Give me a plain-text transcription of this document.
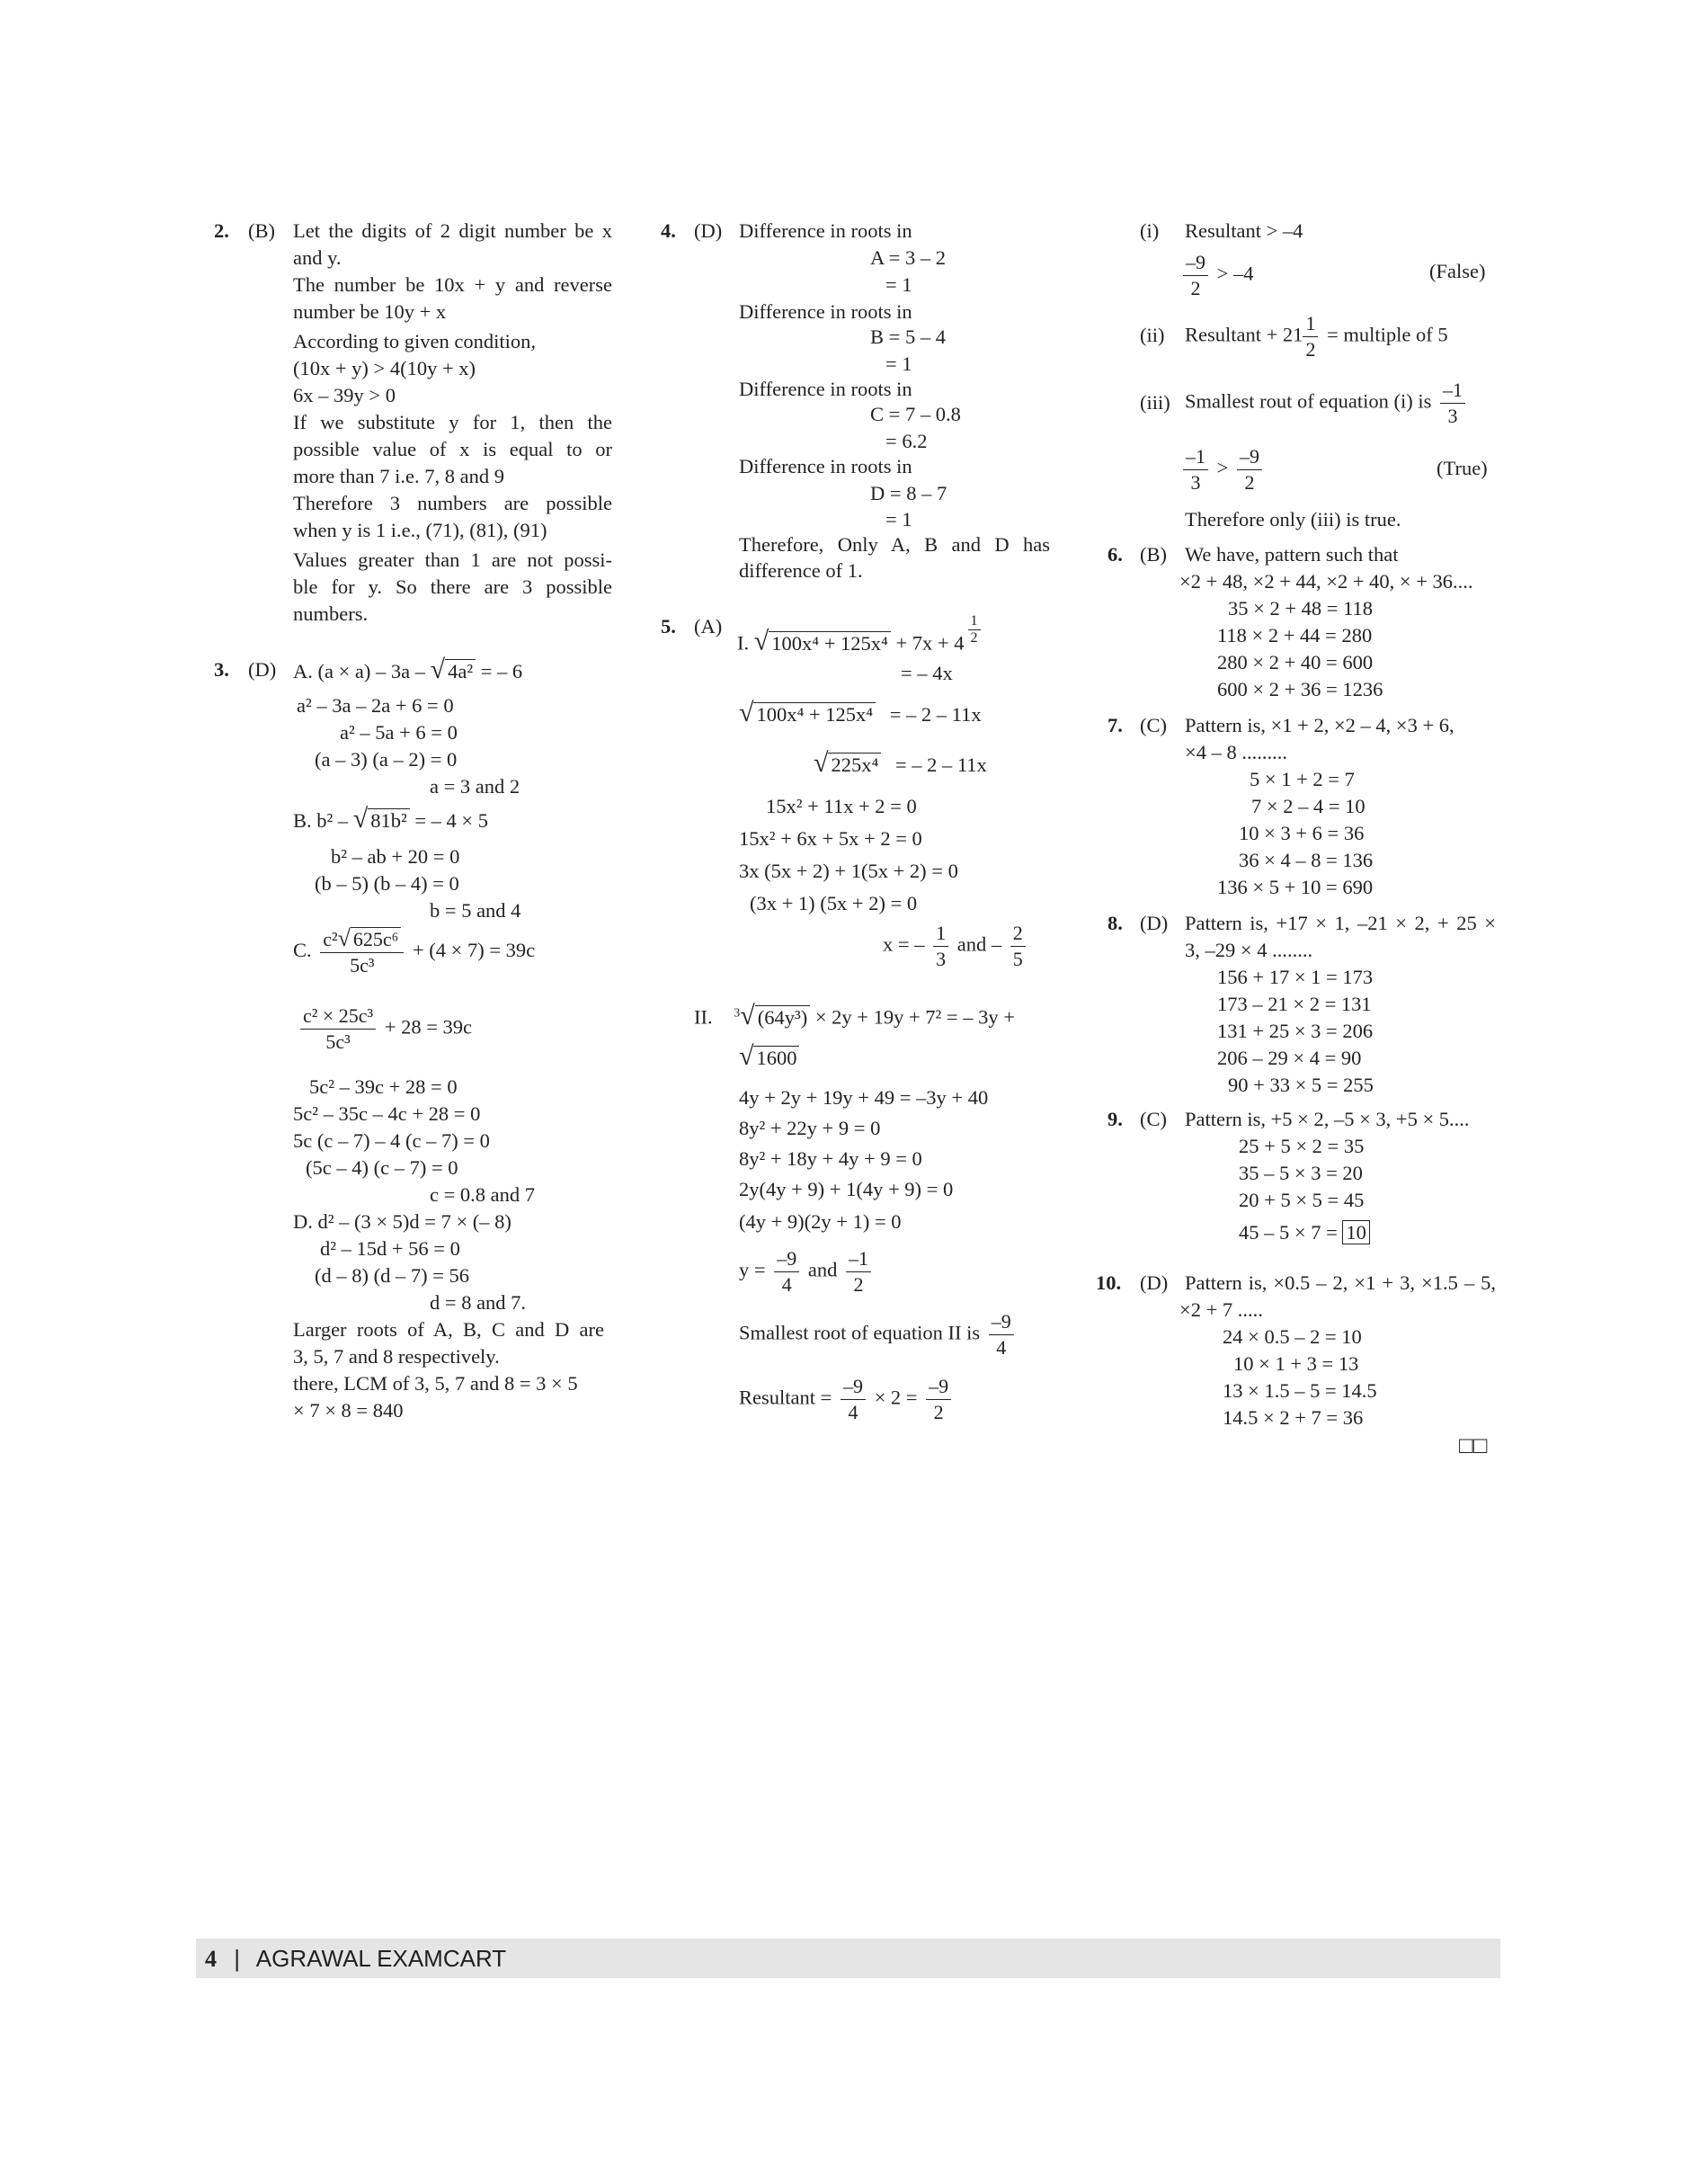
2. (B) Let the digits of 2 digit number be x
and y.
The number be 10x + y and reverse
number be 10y + x
According to given condition,
(10x + y) > 4(10y + x)
6x – 39y > 0
If we substitute y for 1, then the
possible value of x is equal to or
more than 7 i.e. 7, 8 and 9
Therefore 3 numbers are possible
when y is 1 i.e., (71), (81), (91)
Values greater than 1 are not possi-
ble for y. So there are 3 possible
numbers.
3. (D) A. (a × a) – 3a – √ 4a² = – 6
a² – 3a – 2a + 6 = 0
a² – 5a + 6 = 0
(a – 3) (a – 2) = 0
a = 3 and 2
B. b² – √ 81b² = – 4 × 5
b² – ab + 20 = 0
(b – 5) (b – 4) = 0
b = 5 and 4
C. $\frac{\text{c²√ 625c⁶}}{\text{5c³}} + (4 \times 7) = 39c$
$\frac{\text{c² × 25c³}}{\text{5c³}} + 28 = 39c$
5c² – 39c + 28 = 0
5c² – 35c – 4c + 28 = 0
5c (c – 7) – 4 (c – 7) = 0
(5c – 4) (c – 7) = 0
c = 0.8 and 7
D. d² – (3 × 5)d = 7 × (– 8)
d² – 15d + 56 = 0
(d – 8) (d – 7) = 56
d = 8 and 7.
Larger roots of A, B, C and D are
3, 5, 7 and 8 respectively.
there, LCM of 3, 5, 7 and 8 = 3 × 5
× 7 × 8 = 840
4. (D) Difference in roots in
A = 3 – 2
= 1
Difference in roots in
B = 5 – 4
= 1
Difference in roots in
C = 7 – 0.8
= 6.2
Difference in roots in
D = 8 – 7
= 1
Therefore, Only A, B and D has
difference of 1.
5. (A)
I. √ $100x^4 + 125x^4 + 7x + 4 \frac{1}{2}$
= – 4x
√ 100x⁴ + 125x⁴ = – 2 – 11x
√ 225x⁴ = – 2 – 11x
15x² + 11x + 2 = 0
15x² + 6x + 5x + 2 = 0
3x (5x + 2) + 1(5x + 2) = 0
(3x + 1) (5x + 2) = 0
x = – $\frac{1}{3}$ and – $\frac{2}{5}$
II. $^3$√ (64y³) × 2y + 19y + 7² = – 3y +
√ 1600
4y + 2y + 19y + 49 = –3y + 40
8y² + 22y + 9 = 0
8y² + 18y + 4y + 9 = 0
2y(4y + 9) + 1(4y + 9) = 0
(4y + 9)(2y + 1) = 0
$y = \frac{-9}{4}$ and $\frac{-1}{2}$
Smallest root of equation II is $\frac{-9}{4}$
Resultant = $\frac{-9}{4} \times 2 = \frac{-9}{2}$
(i) Resultant > –4
$\frac{-9}{2} > -4$	(False)
(ii) Resultant + $21 \frac{1}{2}$ = multiple of 5
(iii) Smallest rout of equation (i) is $\frac{-1}{3}$
$\frac{-1}{3} > \frac{-9}{2}$	(True)
Therefore only (iii) is true.
6. (B) We have, pattern such that
×2 + 48, ×2 + 44, ×2 + 40, × + 36....
35 × 2 + 48 = 118
118 × 2 + 44 = 280
280 × 2 + 40 = 600
600 × 2 + 36 = 1236
7. (C) Pattern is, ×1 + 2, ×2 – 4, ×3 + 6,
×4 – 8 .........
5 × 1 + 2 = 7
7 × 2 – 4 = 10
10 × 3 + 6 = 36
36 × 4 – 8 = 136
136 × 5 + 10 = 690
8. (D) Pattern is, +17 × 1, –21 × 2, + 25 ×
3, –29 × 4 ........
156 + 17 × 1 = 173
173 – 21 × 2 = 131
131 + 25 × 3 = 206
206 – 29 × 4 = 90
90 + 33 × 5 = 255
9. (C) Pattern is, +5 × 2, –5 × 3, +5 × 5....
25 + 5 × 2 = 35
35 – 5 × 3 = 20
20 + 5 × 5 = 45
45 – 5 × 7 = 10
10. (D) Pattern is, ×0.5 – 2, ×1 + 3, ×1.5 – 5,
×2 + 7 .....
24 × 0.5 – 2 = 10
10 × 1 + 3 = 13
13 × 1.5 – 5 = 14.5
14.5 × 2 + 7 = 36
□□
4 | AGRAWAL EXAMCART
